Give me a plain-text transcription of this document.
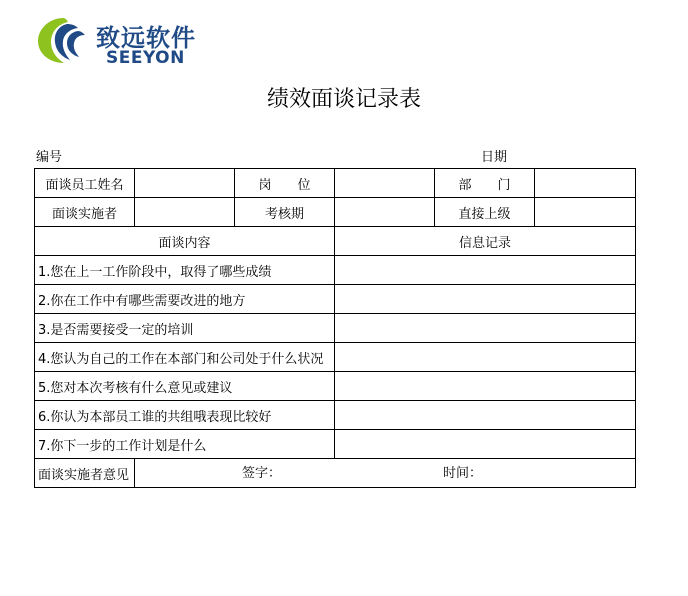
致远软件
SEEYON
绩效面谈记录表
编号	日期
面谈员工姓名		岗　　位		部　　门	
面谈实施者		考核期		直接上级	
面谈内容			信息记录		
1.您在上一工作阶段中，取得了哪些成绩					
2.你在工作中有哪些需要改进的地方					
3.是否需要接受一定的培训					
4.您认为自己的工作在本部门和公司处于什么状况					
5.您对本次考核有什么意见或建议					
6.你认为本部员工谁的共组哦表现比较好					
7.你下一步的工作计划是什么					
面谈实施者意见	签字： 时间：				
